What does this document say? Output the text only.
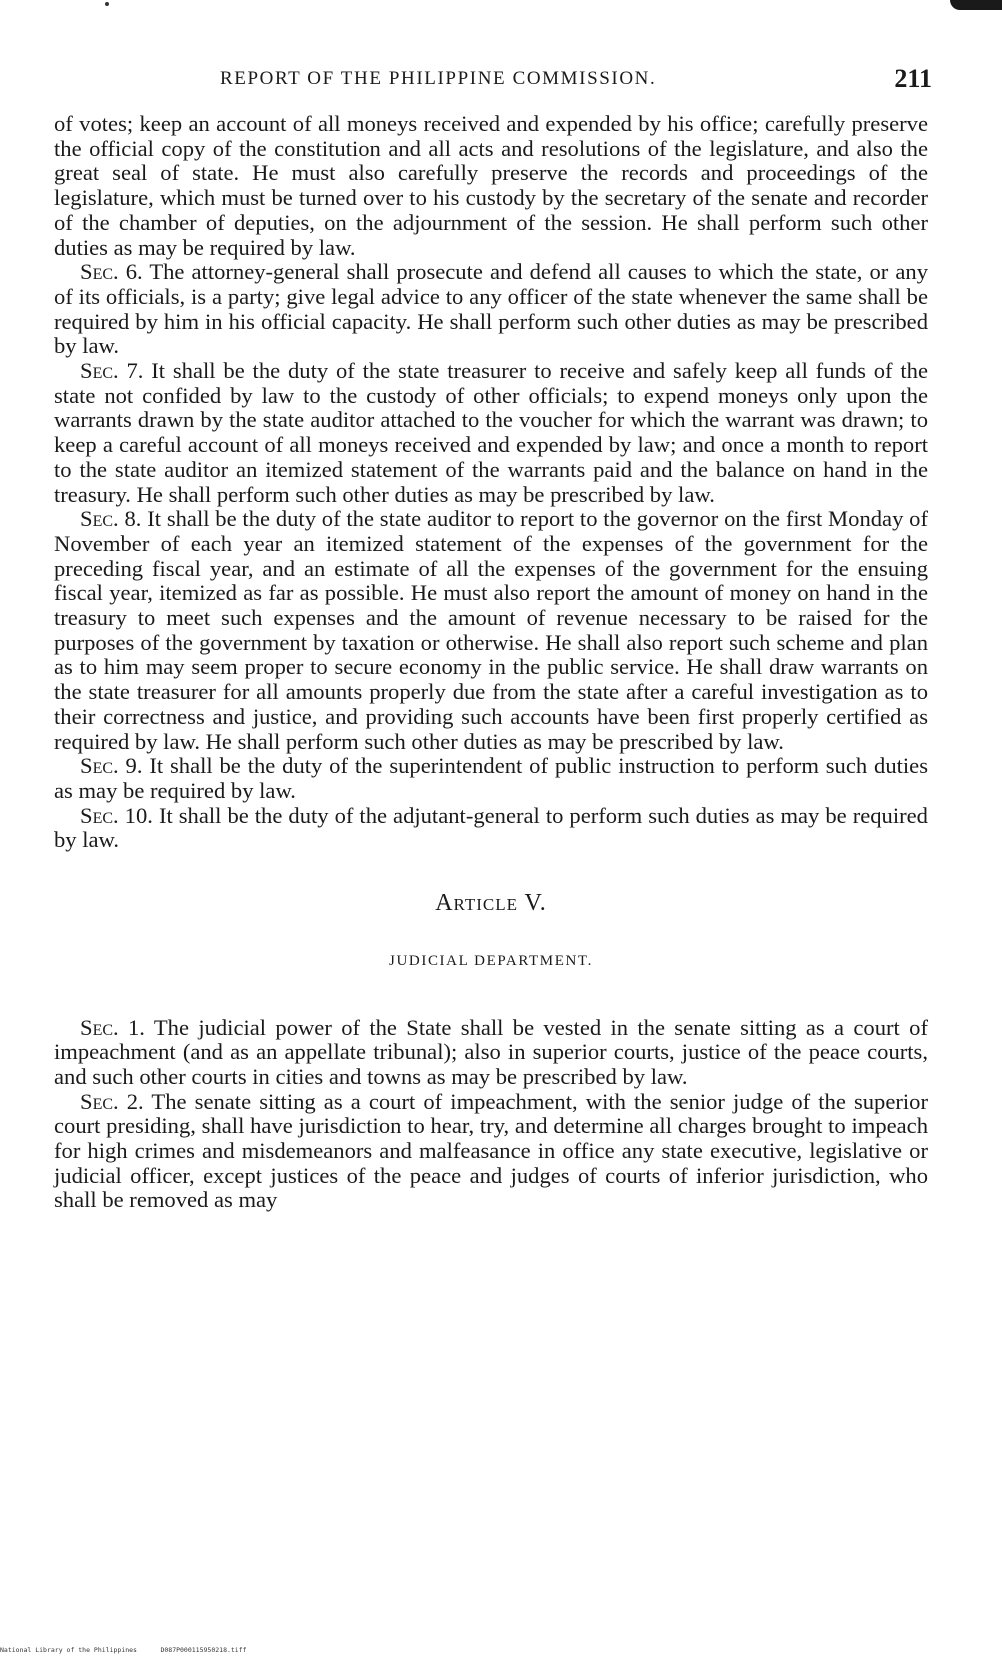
REPORT OF THE PHILIPPINE COMMISSION.	211

of votes; keep an account of all moneys received and expended by his office; carefully preserve the official copy of the constitution and all acts and resolutions of the legislature, and also the great seal of state. He must also carefully preserve the records and proceedings of the legislature, which must be turned over to his custody by the secretary of the senate and recorder of the chamber of deputies, on the adjournment of the session. He shall perform such other duties as may be required by law.

Sec. 6. The attorney-general shall prosecute and defend all causes to which the state, or any of its officials, is a party; give legal advice to any officer of the state whenever the same shall be required by him in his official capacity. He shall perform such other duties as may be prescribed by law.

Sec. 7. It shall be the duty of the state treasurer to receive and safely keep all funds of the state not confided by law to the custody of other officials; to expend moneys only upon the warrants drawn by the state auditor attached to the voucher for which the warrant was drawn; to keep a careful account of all moneys received and expended by law; and once a month to report to the state auditor an itemized statement of the warrants paid and the balance on hand in the treasury. He shall perform such other duties as may be prescribed by law.

Sec. 8. It shall be the duty of the state auditor to report to the governor on the first Monday of November of each year an itemized statement of the expenses of the government for the preceding fiscal year, and an estimate of all the expenses of the government for the ensuing fiscal year, itemized as far as possible. He must also report the amount of money on hand in the treasury to meet such expenses and the amount of revenue necessary to be raised for the purposes of the government by taxation or otherwise. He shall also report such scheme and plan as to him may seem proper to secure economy in the public service. He shall draw warrants on the state treasurer for all amounts properly due from the state after a careful investigation as to their correctness and justice, and providing such accounts have been first properly certified as required by law. He shall perform such other duties as may be prescribed by law.

Sec. 9. It shall be the duty of the superintendent of public instruction to perform such duties as may be required by law.

Sec. 10. It shall be the duty of the adjutant-general to perform such duties as may be required by law.

Article V.
JUDICIAL DEPARTMENT.

Sec. 1. The judicial power of the State shall be vested in the senate sitting as a court of impeachment (and as an appellate tribunal); also in superior courts, justice of the peace courts, and such other courts in cities and towns as may be prescribed by law.

Sec. 2. The senate sitting as a court of impeachment, with the senior judge of the superior court presiding, shall have jurisdiction to hear, try, and determine all charges brought to impeach for high crimes and misdemeanors and malfeasance in office any state executive, legislative or judicial officer, except justices of the peace and judges of courts of inferior jurisdiction, who shall be removed as may

National Library of the Philippines	D087P000115950218.tiff
